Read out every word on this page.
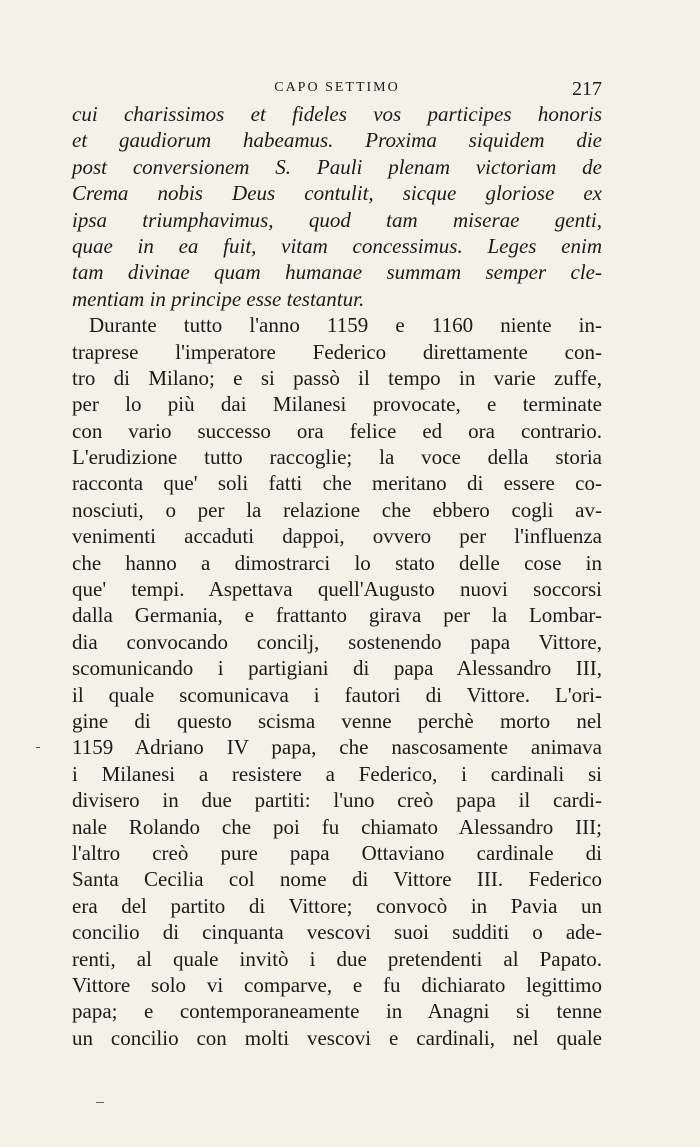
CAPO SETTIMO	217
cui charissimos et fideles vos participes honoris
et gaudiorum habeamus. Proxima siquidem die
post conversionem S. Pauli plenam victoriam de
Crema nobis Deus contulit, sicque gloriose ex
ipsa triumphavimus, quod tam miserae genti,
quae in ea fuit, vitam concessimus. Leges enim
tam divinae quam humanae summam semper cle-
mentiam in principe esse testantur.
Durante tutto l'anno 1159 e 1160 niente in-
traprese l'imperatore Federico direttamente con-
tro di Milano; e si passò il tempo in varie zuffe,
per lo più dai Milanesi provocate, e terminate
con vario successo ora felice ed ora contrario.
L'erudizione tutto raccoglie; la voce della storia
racconta que' soli fatti che meritano di essere co-
nosciuti, o per la relazione che ebbero cogli av-
venimenti accaduti dappoi, ovvero per l'influenza
che hanno a dimostrarci lo stato delle cose in
que' tempi. Aspettava quell'Augusto nuovi soccorsi
dalla Germania, e frattanto girava per la Lombar-
dia convocando concilj, sostenendo papa Vittore,
scomunicando i partigiani di papa Alessandro III,
il quale scomunicava i fautori di Vittore. L'ori-
gine di questo scisma venne perchè morto nel
1159 Adriano IV papa, che nascosamente animava
i Milanesi a resistere a Federico, i cardinali si
divisero in due partiti: l'uno creò papa il cardi-
nale Rolando che poi fu chiamato Alessandro III;
l'altro creò pure papa Ottaviano cardinale di
Santa Cecilia col nome di Vittore III. Federico
era del partito di Vittore; convocò in Pavia un
concilio di cinquanta vescovi suoi sudditi o ade-
renti, al quale invitò i due pretendenti al Papato.
Vittore solo vi comparve, e fu dichiarato legittimo
papa; e contemporaneamente in Anagni si tenne
un concilio con molti vescovi e cardinali, nel quale
